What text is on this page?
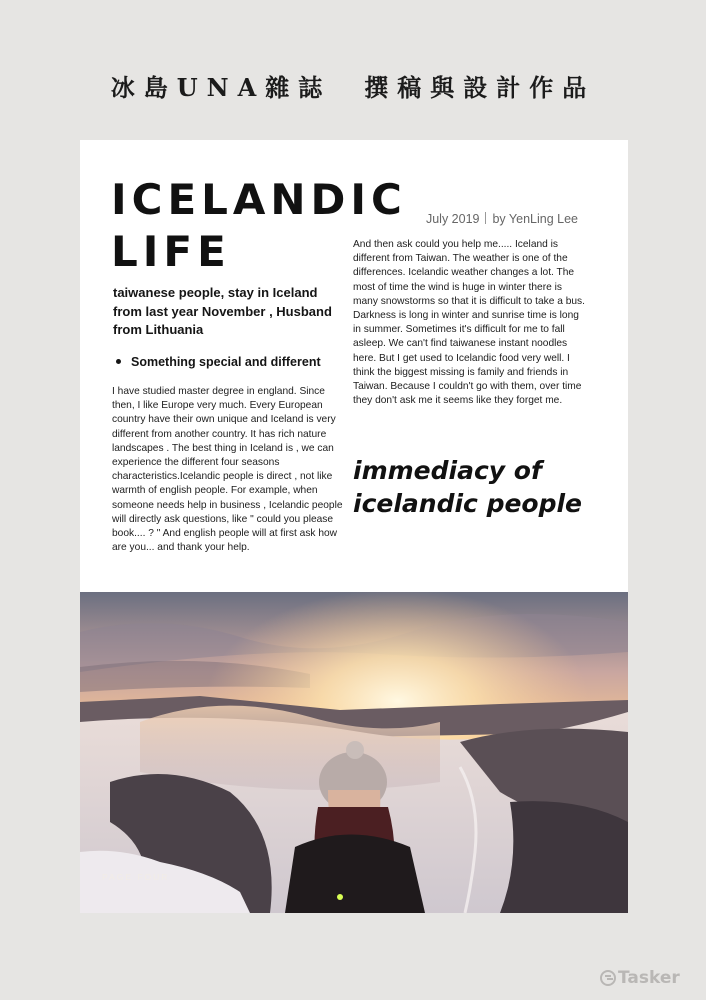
冰島UNA雜誌　撰稿與設計作品
ICELANDIC LIFE
July 2019 by YenLing Lee

taiwanese people, stay in Iceland from last year November , Husband from Lithuania

Something special and different

I have studied master degree in england. Since then, I like Europe very much. Every European country have their own unique and Iceland is very different from another country. It has rich nature landscapes . The best thing in Iceland is , we can experience the different four seasons characteristics.Icelandic people is direct , not like warmth of english people. For example, when someone needs help in business , Icelandic people will directly ask questions, like " could you please book.... ? " And english people will at first ask how are you... and thank your help.

And then ask could you help me..... Iceland is different from Taiwan. The weather is one of the differences. Icelandic weather changes a lot. The most of time the wind is huge in winter there is many snowstorms so that it is difficult to take a bus. Darkness is long in winter and sunrise time is long in summer. Sometimes it's difficult for me to fall asleep. We can't find taiwanese instant noodles here. But I get used to Icelandic food very well. I think the biggest missing is family and friends in Taiwan. Because I couldn't go with them, over time they don't ask me it seems like they forget me.

immediacy of icelandic people

PAGE FOUR
Tasker
